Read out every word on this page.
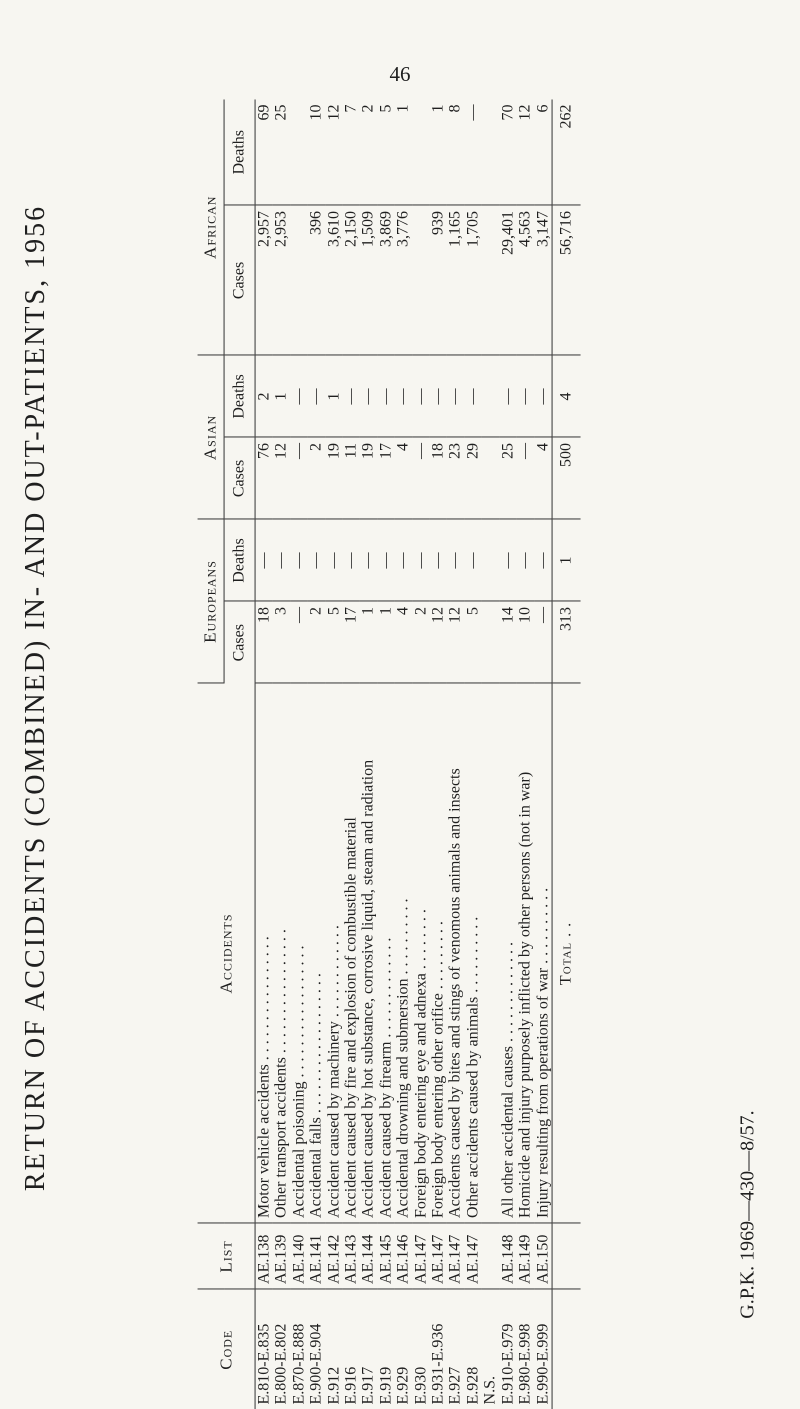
46
RETURN OF ACCIDENTS (COMBINED) IN- AND OUT-PATIENTS, 1956
Code	List	Accidents	Europeans		Asian		African	
			Cases	Deaths	Cases	Deaths	Cases	Deaths
E.810-E.835	AE.138	Motor vehicle accidents . . . . . . . . . . . . . . . .	18	—	76	2	2,957	69
E.800-E.802	AE.139	Other transport accidents . . . . . . . . . . . . . . . .	3	—	12	1	2,953	25
E.870-E.888	AE.140	Accidental poisoning . . . . . . . . . . . . . . . . .	—	—	—	—		
E.900-E.904	AE.141	Accidental falls . . . . . . . . . . . . . . . . . .	2	—	2	—	396	10
E.912	AE.142	Accident caused by machinery . . . . . . . . . . . .	5	—	19	1	3,610	12
E.916	AE.143	Accident caused by fire and explosion of combustible material	17	—	11	—	2,150	7
E.917	AE.144	Accident caused by hot substance, corrosive liquid, steam and radiation	1	—	19	—	1,509	2
E.919	AE.145	Accident caused by firearm . . . . . . . . . . . . .	1	—	17	—	3,869	5
E.929	AE.146	Accidental drowning and submersion . . . . . . . . . .	4	—	4	—	3,776	1
E.930	AE.147	Foreign body entering eye and adnexa . . . . . . . .	2	—	—	—		
E.931-E.936	AE.147	Foreign body entering other orifice . . . . . . . . .	12	—	18	—	939	1
E.927	AE.147	Accidents caused by bites and stings of venomous animals and insects	12	—	23	—	1,165	8
E.928	AE.147	Other accidents caused by animals . . . . . . . . . .	5	—	29	—	1,705	—
N.S.								
E.910-E.979	AE.148	All other accidental causes . . . . . . . . . . . . .	14	—	25	—	29,401	70
E.980-E.998	AE.149	Homicide and injury purposely inflicted by other persons (not in war)	10	—	—	—	4,563	12
E.990-E.999	AE.150	Injury resulting from operations of war . . . . . . . . . .	—	—	4	—	3,147	6
		Total . .	313	1	500	4	56,716	262
G.P.K. 1969—430—8/57.
